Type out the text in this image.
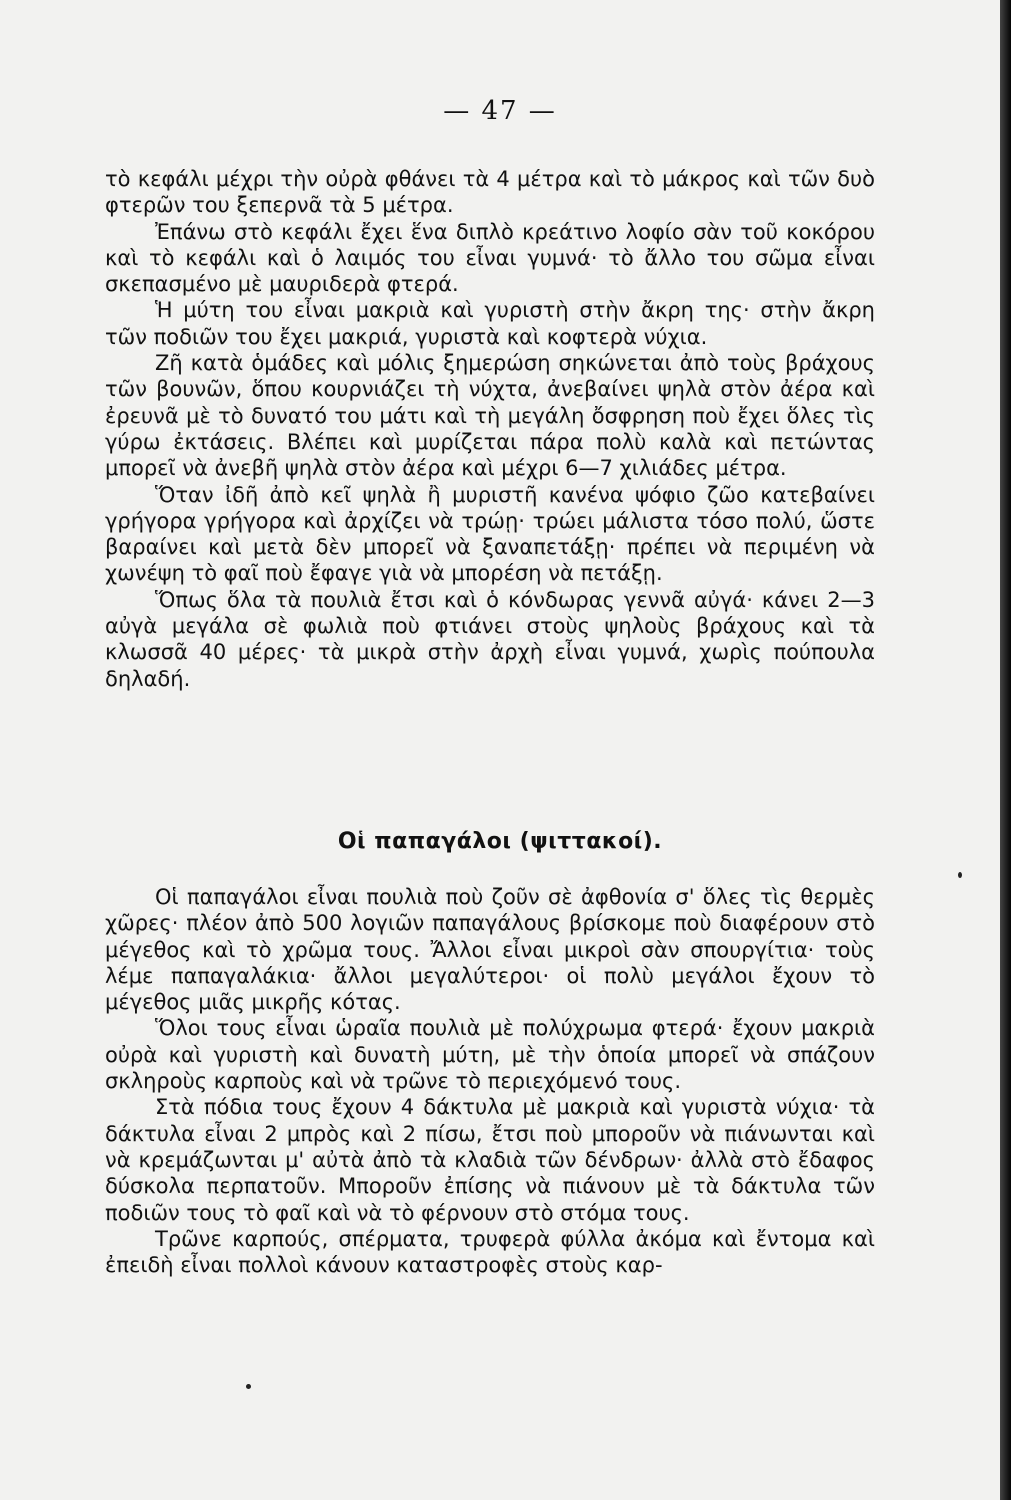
— 47 —

τὸ κεφάλι μέχρι τὴν οὐρὰ φθάνει τὰ 4 μέτρα καὶ τὸ μάκρος καὶ τῶν δυὸ φτερῶν του ξεπερνᾶ τὰ 5 μέτρα.

Ἐπάνω στὸ κεφάλι ἔχει ἕνα διπλὸ κρεάτινο λοφίο σὰν τοῦ κοκόρου καὶ τὸ κεφάλι καὶ ὁ λαιμός του εἶναι γυμνά· τὸ ἄλλο του σῶμα εἶναι σκεπασμένο μὲ μαυριδερὰ φτερά.

Ἡ μύτη του εἶναι μακριὰ καὶ γυριστὴ στὴν ἄκρη της· στὴν ἄκρη τῶν ποδιῶν του ἔχει μακριά, γυριστὰ καὶ κοφτερὰ νύχια.

Ζῆ κατὰ ὁμάδες καὶ μόλις ξημερώση σηκώνεται ἀπὸ τοὺς βράχους τῶν βουνῶν, ὅπου κουρνιάζει τὴ νύχτα, ἀνεβαίνει ψηλὰ στὸν ἀέρα καὶ ἐρευνᾶ μὲ τὸ δυνατό του μάτι καὶ τὴ μεγάλη ὄσφρηση ποὺ ἔχει ὅλες τὶς γύρω ἐκτάσεις. Βλέπει καὶ μυρίζεται πάρα πολὺ καλὰ καὶ πετώντας μπορεῖ νὰ ἀνεβῆ ψηλὰ στὸν ἀέρα καὶ μέχρι 6—7 χιλιάδες μέτρα.

Ὅταν ἰδῆ ἀπὸ κεῖ ψηλὰ ἢ μυριστῆ κανένα ψόφιο ζῶο κατεβαίνει γρήγορα γρήγορα καὶ ἀρχίζει νὰ τρώῃ· τρώει μάλιστα τόσο πολύ, ὥστε βαραίνει καὶ μετὰ δὲν μπορεῖ νὰ ξαναπετάξῃ· πρέπει νὰ περιμένη νὰ χωνέψη τὸ φαῖ ποὺ ἔφαγε γιὰ νὰ μπορέση νὰ πετάξῃ.

Ὅπως ὅλα τὰ πουλιὰ ἔτσι καὶ ὁ κόνδωρας γεννᾶ αὐγά· κάνει 2—3 αὐγὰ μεγάλα σὲ φωλιὰ ποὺ φτιάνει στοὺς ψηλοὺς βράχους καὶ τὰ κλωσσᾶ 40 μέρες· τὰ μικρὰ στὴν ἀρχὴ εἶναι γυμνά, χωρὶς πούπουλα δηλαδή.

Οἱ παπαγάλοι (ψιττακοί).

Οἱ παπαγάλοι εἶναι πουλιὰ ποὺ ζοῦν σὲ ἀφθονία σ' ὅλες τὶς θερμὲς χῶρες· πλέον ἀπὸ 500 λογιῶν παπαγάλους βρίσκομε ποὺ διαφέρουν στὸ μέγεθος καὶ τὸ χρῶμα τους. Ἄλλοι εἶναι μικροὶ σὰν σπουργίτια· τοὺς λέμε παπαγαλάκια· ἄλλοι μεγαλύτεροι· οἱ πολὺ μεγάλοι ἔχουν τὸ μέγεθος μιᾶς μικρῆς κότας.

Ὅλοι τους εἶναι ὡραῖα πουλιὰ μὲ πολύχρωμα φτερά· ἔχουν μακριὰ οὐρὰ καὶ γυριστὴ καὶ δυνατὴ μύτη, μὲ τὴν ὁποία μπορεῖ νὰ σπάζουν σκληροὺς καρποὺς καὶ νὰ τρῶνε τὸ περιεχόμενό τους.

Στὰ πόδια τους ἔχουν 4 δάκτυλα μὲ μακριὰ καὶ γυριστὰ νύχια· τὰ δάκτυλα εἶναι 2 μπρὸς καὶ 2 πίσω, ἔτσι ποὺ μποροῦν νὰ πιάνωνται καὶ νὰ κρεμάζωνται μ' αὐτὰ ἀπὸ τὰ κλαδιὰ τῶν δένδρων· ἀλλὰ στὸ ἔδαφος δύσκολα περπατοῦν. Μποροῦν ἐπίσης νὰ πιάνουν μὲ τὰ δάκτυλα τῶν ποδιῶν τους τὸ φαῖ καὶ νὰ τὸ φέρνουν στὸ στόμα τους.

Τρῶνε καρπούς, σπέρματα, τρυφερὰ φύλλα ἀκόμα καὶ ἔντομα καὶ ἐπειδὴ εἶναι πολλοὶ κάνουν καταστροφὲς στοὺς καρ-
